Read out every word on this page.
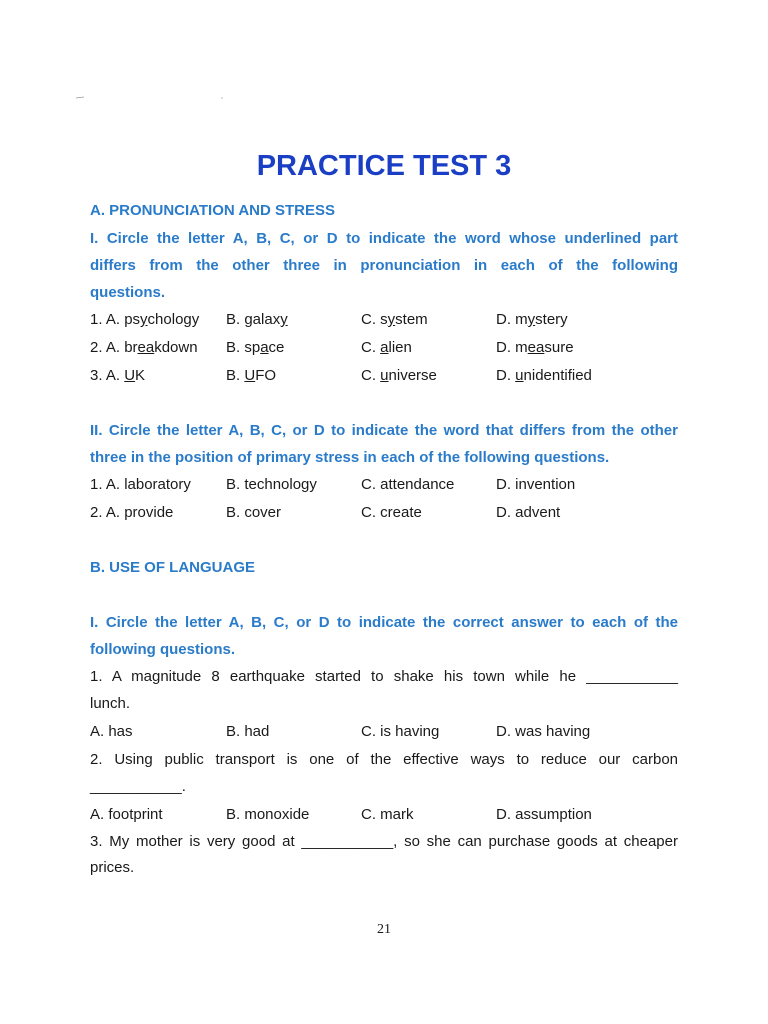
PRACTICE TEST 3
A. PRONUNCIATION AND STRESS
I. Circle the letter A, B, C, or D to indicate the word whose underlined part
differs from the other three in pronunciation in each of the following
questions.
1. A. psychology B. galaxy	C. system	D. mystery
2. A. breakdown B. space	C. alien	D. measure
3. A. UK	B. UFO	C. universe	D. unidentified
II. Circle the letter A, B, C, or D to indicate the word that differs from the other
three in the position of primary stress in each of the following questions.
1. A. laboratory B. technology	C. attendance	D. invention
2. A. provide	B. cover	C. create	D. advent
B. USE OF LANGUAGE
I. Circle the letter A, B, C, or D to indicate the correct answer to each of the
following questions.
1. A magnitude 8 earthquake started to shake his town while he ___________
lunch.
A. has	B. had	C. is having	D. was having
2. Using public transport is one of the effective ways to reduce our carbon
___________.
A. footprint	B. monoxide	C. mark	D. assumption
3. My mother is very good at ___________, so she can purchase goods at cheaper
prices.
21
